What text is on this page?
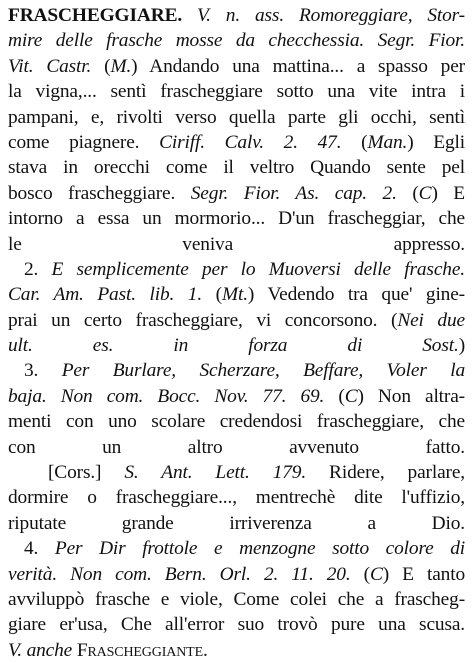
FRASCHEGGIARE. V. n. ass. Romoreggiare, Stor-
mire delle frasche mosse da checchessia. Segr. Fior.
Vit. Castr. (M.) Andando una mattina... a spasso per
la vigna,... sentì frascheggiare sotto una vite intra i
pampani, e, rivolti verso quella parte gli occhi, sentì
come piagnere. Ciriff. Calv. 2. 47. (Man.) Egli
stava in orecchi come il veltro Quando sente pel
bosco frascheggiare. Segr. Fior. As. cap. 2. (C) E
intorno a essa un mormorio... D'un frascheggiar, che
le veniva appresso.
2. E semplicemente per lo Muoversi delle frasche.
Car. Am. Past. lib. 1. (Mt.) Vedendo tra que' gine-
prai un certo frascheggiare, vi concorsono. (Nei due
ult. es. in forza di Sost.)
3. Per Burlare, Scherzare, Beffare, Voler la
baja. Non com. Bocc. Nov. 77. 69. (C) Non altra-
menti con uno scolare credendosi frascheggiare, che
con un altro avvenuto fatto.
[Cors.] S. Ant. Lett. 179. Ridere, parlare,
dormire o frascheggiare..., mentrechè dite l'uffizio,
riputate grande irriverenza a Dio.
4. Per Dir frottole e menzogne sotto colore di
verità. Non com. Bern. Orl. 2. 11. 20. (C) E tanto
avviluppò frasche e viole, Come colei che a frascheg-
giare er'usa, Che all'error suo trovò pure una scusa.
V. anche Frascheggiante.
